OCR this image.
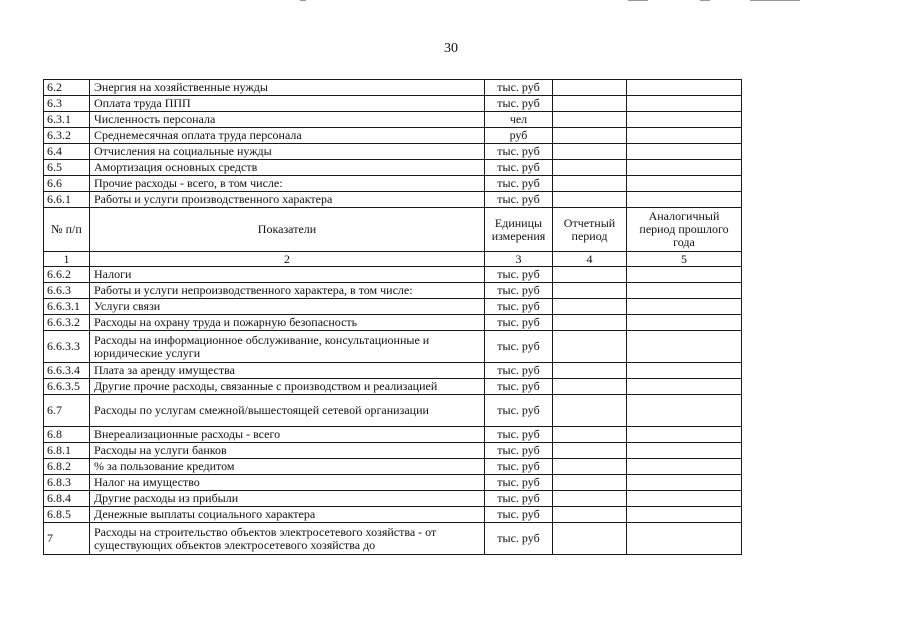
30
6.2	Энергия на хозяйственные нужды	тыс. руб		
6.3	Оплата труда ППП	тыс. руб		
6.3.1	Численность персонала	чел		
6.3.2	Среднемесячная оплата труда персонала	руб		
6.4	Отчисления на социальные нужды	тыс. руб		
6.5	Амортизация основных средств	тыс. руб		
6.6	Прочие расходы - всего, в том числе:	тыс. руб		
6.6.1	Работы и услуги производственного характера	тыс. руб		
№ п/п	Показатели	Единицы измерения	Отчетный период	Аналогичный период прошлого года
1	2	3	4	5
6.6.2	Налоги	тыс. руб		
6.6.3	Работы и услуги непроизводственного характера, в том числе:	тыс. руб		
6.6.3.1	Услуги связи	тыс. руб		
6.6.3.2	Расходы на охрану труда и пожарную безопасность	тыс. руб		
6.6.3.3	Расходы на информационное обслуживание, консультационные и юридические услуги	тыс. руб		
6.6.3.4	Плата за аренду имущества	тыс. руб		
6.6.3.5	Другие прочие расходы, связанные с производством и реализацией	тыс. руб		
6.7	Расходы по услугам смежной/вышестоящей сетевой организации	тыс. руб		
6.8	Внереализационные расходы - всего	тыс. руб		
6.8.1	Расходы на услуги банков	тыс. руб		
6.8.2	% за пользование кредитом	тыс. руб		
6.8.3	Налог на имущество	тыс. руб		
6.8.4	Другие расходы из прибыли	тыс. руб		
6.8.5	Денежные выплаты социального характера	тыс. руб		
7	Расходы на строительство объектов электросетевого хозяйства - от существующих объектов электросетевого хозяйства до	тыс. руб		
